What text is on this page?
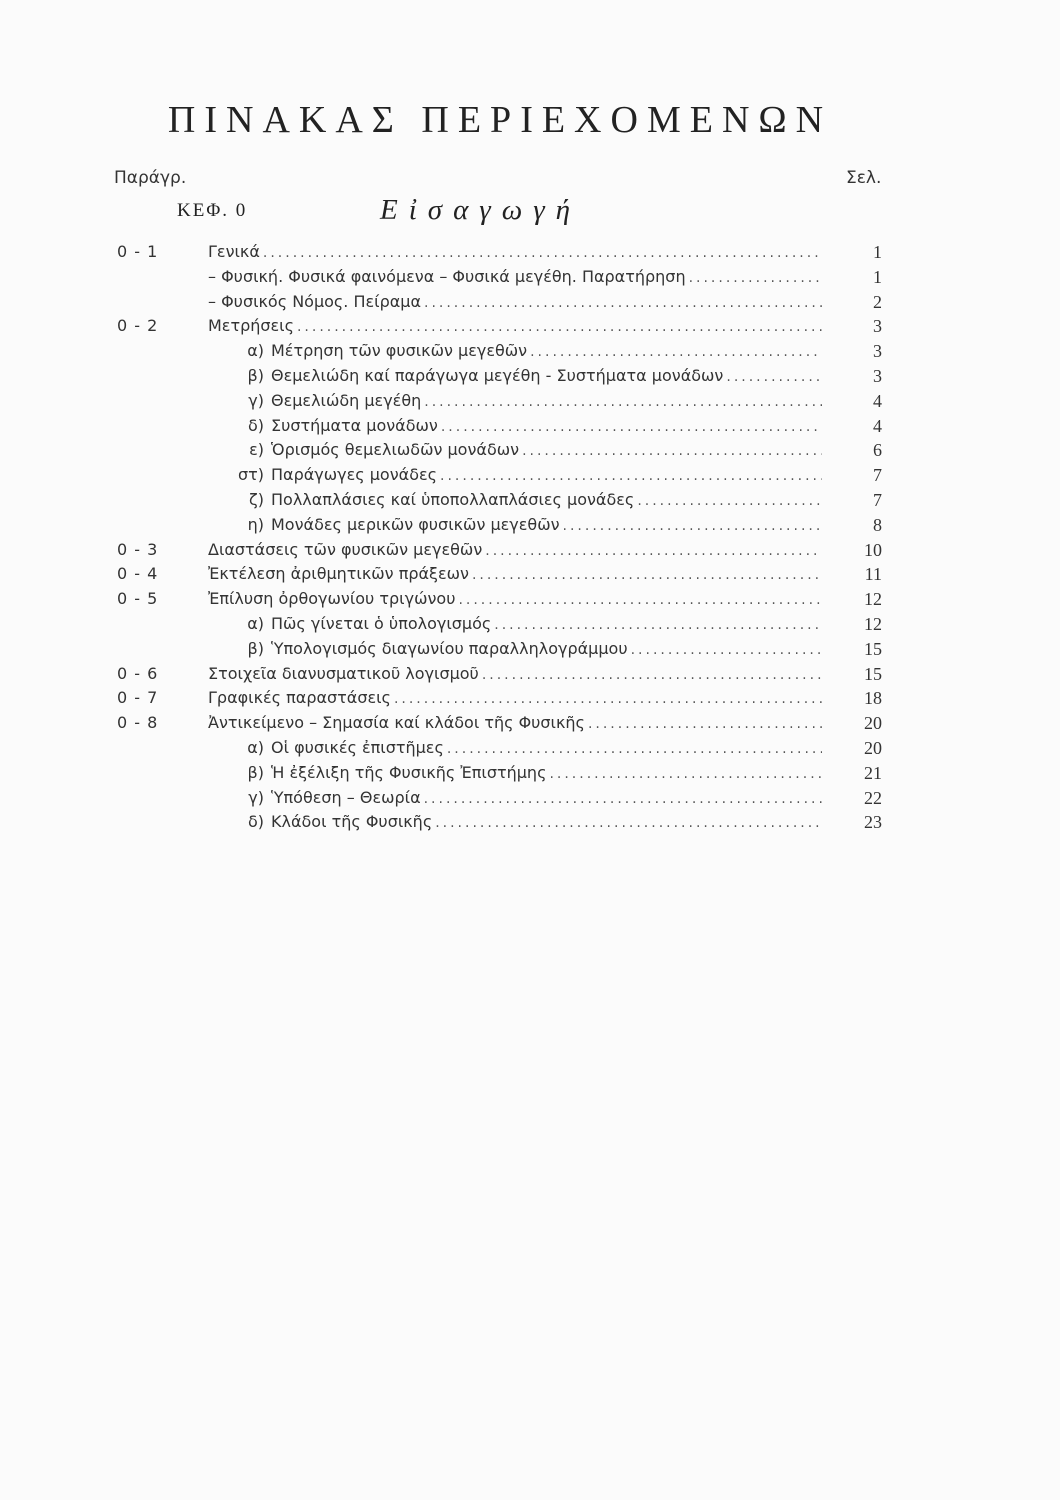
ΠΙΝΑΚΑΣ ΠΕΡΙΕΧΟΜΕΝΩΝ
Παράγρ.	Σελ.
ΚΕΦ. 0	Εἰσαγωγή
0 - 1	Γενικά .....	1
– Φυσική. Φυσικά φαινόμενα – Φυσικά μεγέθη. Παρατήρηση .....	1
– Φυσικός Νόμος. Πείραμα .....	2
0 - 2	Μετρήσεις .....	3
α) Μέτρηση τῶν φυσικῶν μεγεθῶν .....	3
β) Θεμελιώδη καί παράγωγα μεγέθη - Συστήματα μονάδων .....	3
γ) Θεμελιώδη μεγέθη .....	4
δ) Συστήματα μονάδων .....	4
ε) Ὁρισμός θεμελιωδῶν μονάδων .....	6
στ) Παράγωγες μονάδες .....	7
ζ) Πολλαπλάσιες καί ὑποπολλαπλάσιες μονάδες .....	7
η) Μονάδες μερικῶν φυσικῶν μεγεθῶν .....	8
0 - 3	Διαστάσεις τῶν φυσικῶν μεγεθῶν .....	10
0 - 4	Ἐκτέλεση ἀριθμητικῶν πράξεων .....	11
0 - 5	Ἐπίλυση ὀρθογωνίου τριγώνου .....	12
α) Πῶς γίνεται ὁ ὑπολογισμός .....	12
β) Ὑπολογισμός διαγωνίου παραλληλογράμμου .....	15
0 - 6	Στοιχεῖα διανυσματικοῦ λογισμοῦ .....	15
0 - 7	Γραφικές παραστάσεις .....	18
0 - 8	Ἀντικείμενο – Σημασία καί κλάδοι τῆς Φυσικῆς .....	20
α) Οἱ φυσικές ἐπιστῆμες .....	20
β) Ἡ ἐξέλιξη τῆς Φυσικῆς Ἐπιστήμης .....	21
γ) Ὑπόθεση – Θεωρία .....	22
δ) Κλάδοι τῆς Φυσικῆς .....	23
